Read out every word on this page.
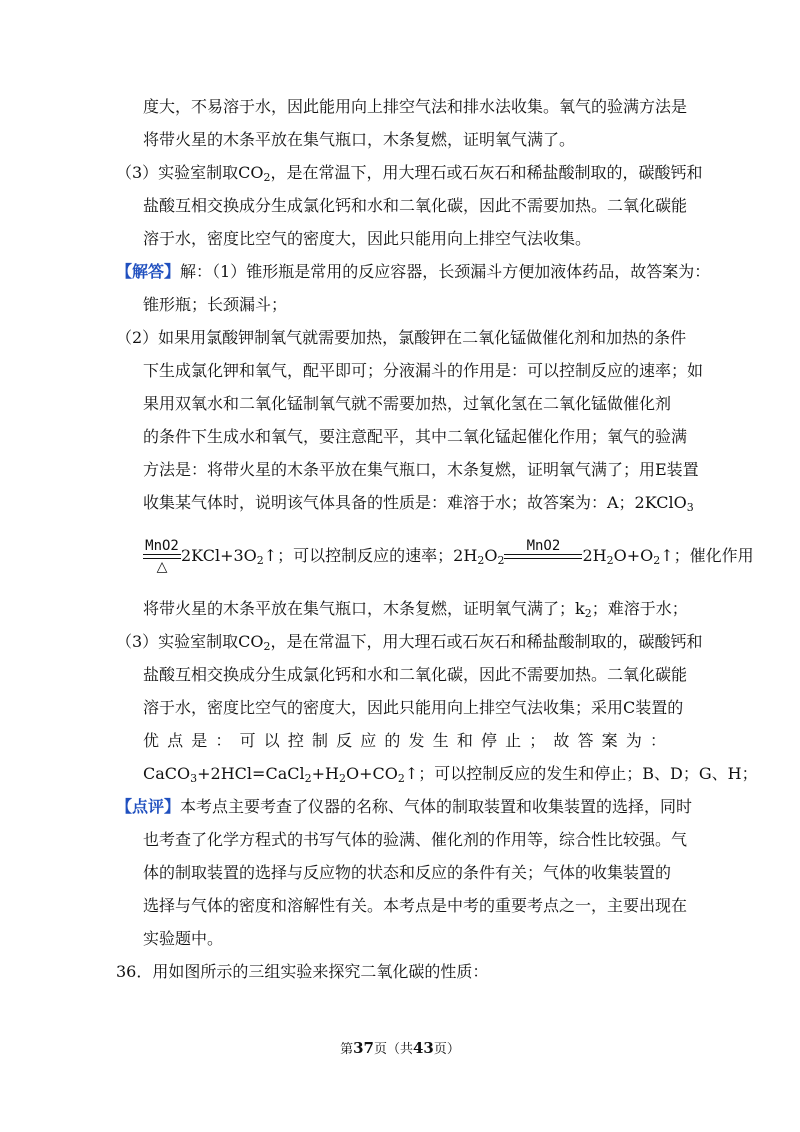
度大，不易溶于水，因此能用向上排空气法和排水法收集。氧气的验满方法是
将带火星的木条平放在集气瓶口，木条复燃，证明氧气满了。
（3）实验室制取$CO_2$，是在常温下，用大理石或石灰石和稀盐酸制取的，碳酸钙和
盐酸互相交换成分生成氯化钙和水和二氧化碳，因此不需要加热。二氧化碳能
溶于水，密度比空气的密度大，因此只能用向上排空气法收集。
【解答】解：（1）锥形瓶是常用的反应容器，长颈漏斗方便加液体药品，故答案为：
锥形瓶；长颈漏斗；
（2）如果用氯酸钾制氧气就需要加热，氯酸钾在二氧化锰做催化剂和加热的条件
下生成氯化钾和氧气，配平即可；分液漏斗的作用是：可以控制反应的速率；如
果用双氧水和二氧化锰制氧气就不需要加热，过氧化氢在二氧化锰做催化剂
的条件下生成水和氧气，要注意配平，其中二氧化锰起催化作用；氧气的验满
方法是：将带火星的木条平放在集气瓶口，木条复燃，证明氧气满了；用E装置
收集某气体时，说明该气体具备的性质是：难溶于水；故答案为：A；2KClO$_3$
MnO2
△
$2KCl+3O_2↑$；可以控制反应的速率；$2H_2O_2$
MnO2
	$2H_2O+O_2↑$；催化作用
将带火星的木条平放在集气瓶口，木条复燃，证明氧气满了；$k_2$；难溶于水；
（3）实验室制取$CO_2$，是在常温下，用大理石或石灰石和稀盐酸制取的，碳酸钙和
盐酸互相交换成分生成氯化钙和水和二氧化碳，因此不需要加热。二氧化碳能
溶于水，密度比空气的密度大，因此只能用向上排空气法收集；采用C装置的
优 点 是 ： 可 以 控 制 反 应 的 发 生 和 停 止 ； 故 答 案 为 ：
$CaCO_3+2HCl=CaCl_2+H_2O+CO_2↑$；可以控制反应的发生和停止；B、D；G、H；
【点评】本考点主要考查了仪器的名称、气体的制取装置和收集装置的选择，同时
也考查了化学方程式的书写气体的验满、催化剂的作用等，综合性比较强。气
体的制取装置的选择与反应物的状态和反应的条件有关；气体的收集装置的
选择与气体的密度和溶解性有关。本考点是中考的重要考点之一，主要出现在
实验题中。
36．用如图所示的三组实验来探究二氧化碳的性质：
第37页（共43页）
